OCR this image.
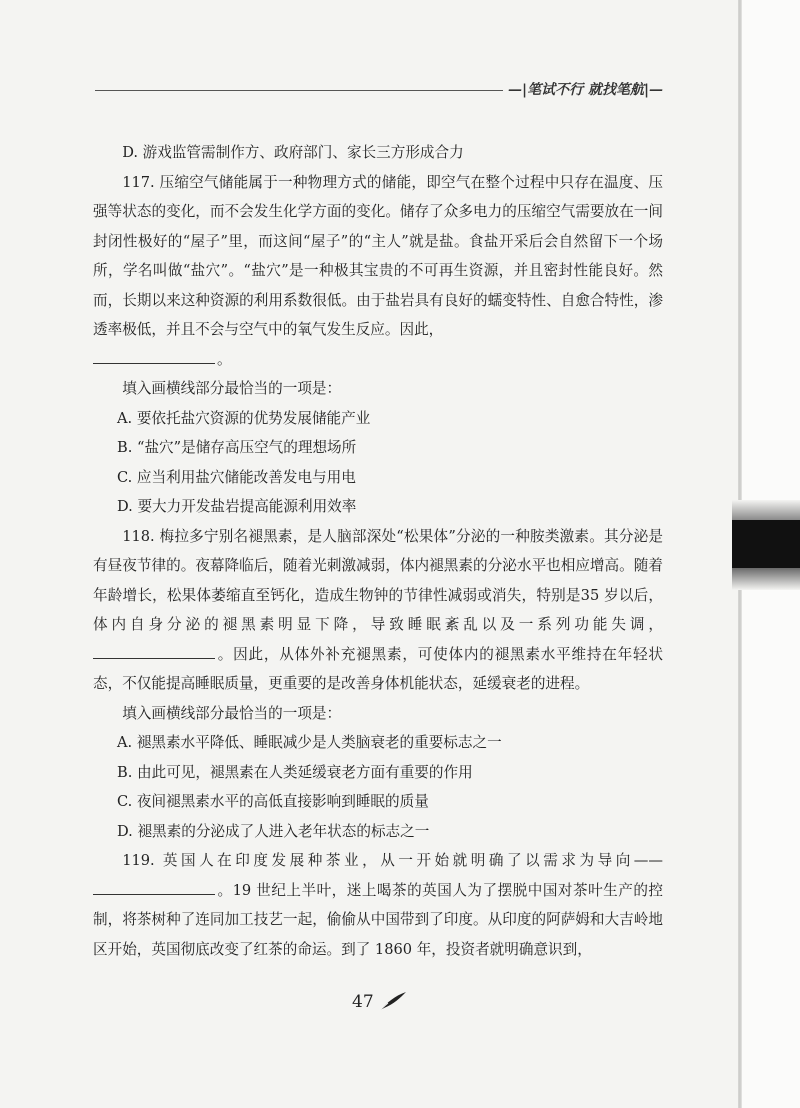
—|笔试不行 就找笔航|—

D. 游戏监管需制作方、政府部门、家长三方形成合力

117. 压缩空气储能属于一种物理方式的储能，即空气在整个过程中只存在温度、压强等状态的变化，而不会发生化学方面的变化。储存了众多电力的压缩空气需要放在一间封闭性极好的“屋子”里，而这间“屋子”的“主人”就是盐。食盐开采后会自然留下一个场所，学名叫做“盐穴”。“盐穴”是一种极其宝贵的不可再生资源，并且密封性能良好。然而，长期以来这种资源的利用系数很低。由于盐岩具有良好的蠕变特性、自愈合特性，渗透率极低，并且不会与空气中的氧气发生反应。因此，

。

填入画横线部分最恰当的一项是：

A. 要依托盐穴资源的优势发展储能产业

B. “盐穴”是储存高压空气的理想场所

C. 应当利用盐穴储能改善发电与用电

D. 要大力开发盐岩提高能源利用效率

118. 梅拉多宁别名褪黑素，是人脑部深处“松果体”分泌的一种胺类激素。其分泌是有昼夜节律的。夜幕降临后，随着光刺激减弱，体内褪黑素的分泌水平也相应增高。随着年龄增长，松果体萎缩直至钙化，造成生物钟的节律性减弱或消失，特别是35 岁以后，体内自身分泌的褪黑素明显下降，导致睡眠紊乱以及一系列功能失调，。因此，从体外补充褪黑素，可使体内的褪黑素水平维持在年轻状态，不仅能提高睡眠质量，更重要的是改善身体机能状态，延缓衰老的进程。

填入画横线部分最恰当的一项是：

A. 褪黑素水平降低、睡眠减少是人类脑衰老的重要标志之一

B. 由此可见，褪黑素在人类延缓衰老方面有重要的作用

C. 夜间褪黑素水平的高低直接影响到睡眠的质量

D. 褪黑素的分泌成了人进入老年状态的标志之一

119. 英国人在印度发展种茶业，从一开始就明确了以需求为导向——。19 世纪上半叶，迷上喝茶的英国人为了摆脱中国对茶叶生产的控制，将茶树种了连同加工技艺一起，偷偷从中国带到了印度。从印度的阿萨姆和大吉岭地区开始，英国彻底改变了红茶的命运。到了 1860 年，投资者就明确意识到，

47
